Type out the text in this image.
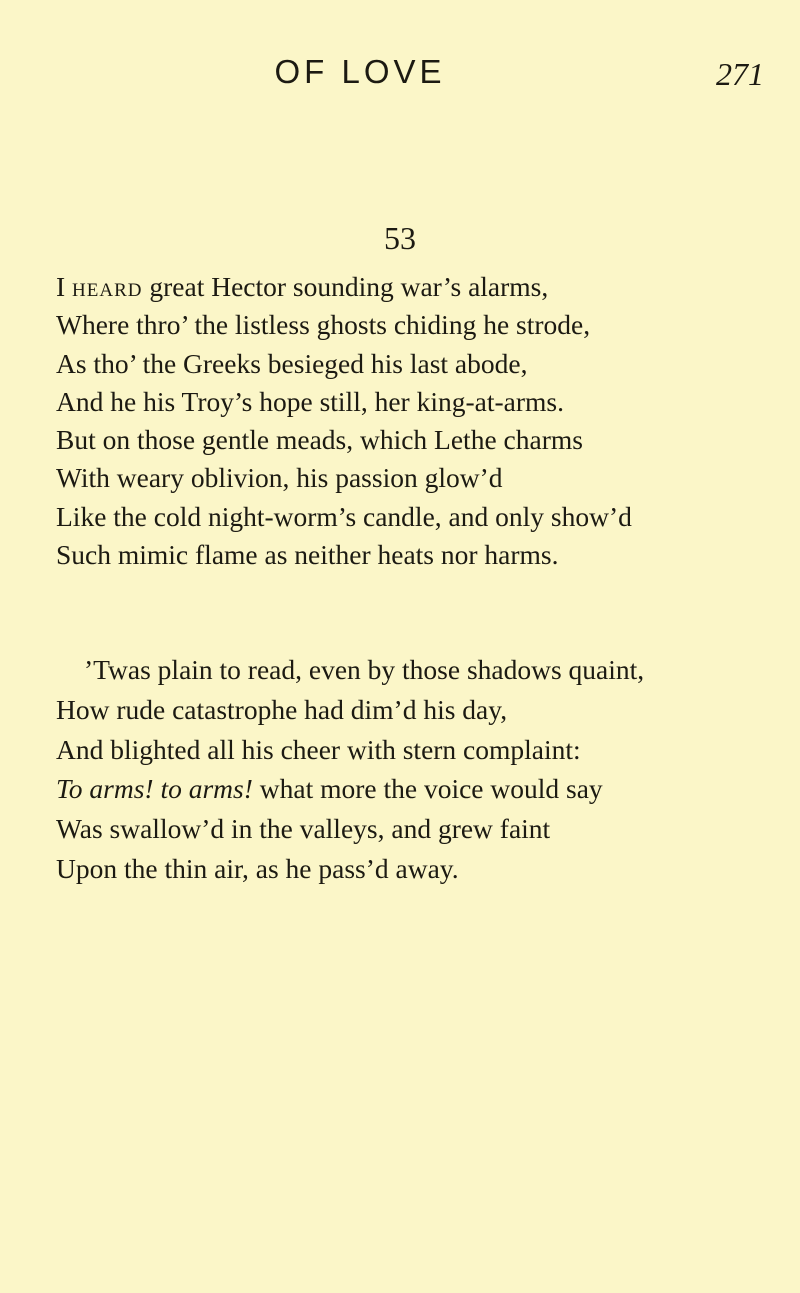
OF LOVE	271
53
I heard great Hector sounding war’s alarms,
Where thro’ the listless ghosts chiding he strode,
As tho’ the Greeks besieged his last abode,
And he his Troy’s hope still, her king-at-arms.
But on those gentle meads, which Lethe charms
With weary oblivion, his passion glow’d
Like the cold night-worm’s candle, and only show’d
Such mimic flame as neither heats nor harms.
’Twas plain to read, even by those shadows quaint,
How rude catastrophe had dim’d his day,
And blighted all his cheer with stern complaint:
To arms! to arms! what more the voice would say
Was swallow’d in the valleys, and grew faint
Upon the thin air, as he pass’d away.
